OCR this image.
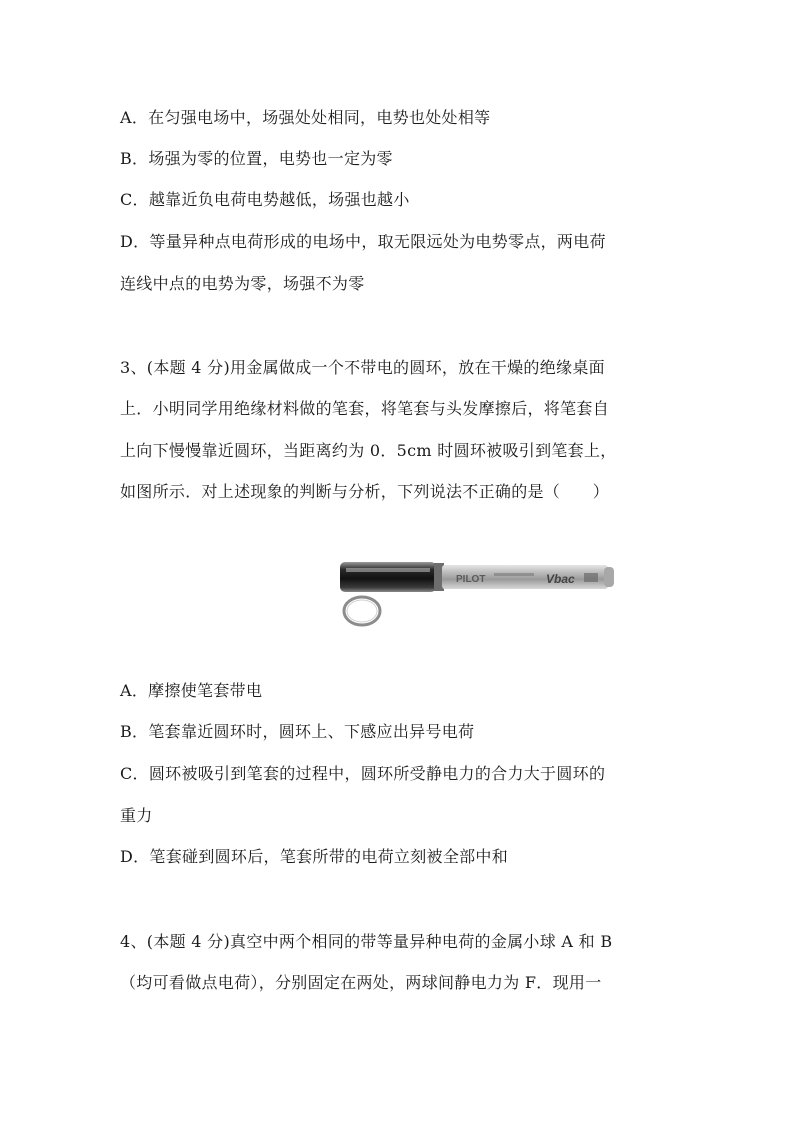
A．在匀强电场中，场强处处相同，电势也处处相等
B．场强为零的位置，电势也一定为零
C．越靠近负电荷电势越低，场强也越小
D．等量异种点电荷形成的电场中，取无限远处为电势零点，两电荷
连线中点的电势为零，场强不为零
3、(本题 4 分)用金属做成一个不带电的圆环，放在干燥的绝缘桌面
上．小明同学用绝缘材料做的笔套，将笔套与头发摩擦后，将笔套自
上向下慢慢靠近圆环，当距离约为 0．5cm 时圆环被吸引到笔套上，
如图所示．对上述现象的判断与分析，下列说法不正确的是（　　）
PILOT	Vbac
A．摩擦使笔套带电
B．笔套靠近圆环时，圆环上、下感应出异号电荷
C．圆环被吸引到笔套的过程中，圆环所受静电力的合力大于圆环的
重力
D．笔套碰到圆环后，笔套所带的电荷立刻被全部中和
4、(本题 4 分)真空中两个相同的带等量异种电荷的金属小球 A 和 B
（均可看做点电荷），分别固定在两处，两球间静电力为 F．现用一
